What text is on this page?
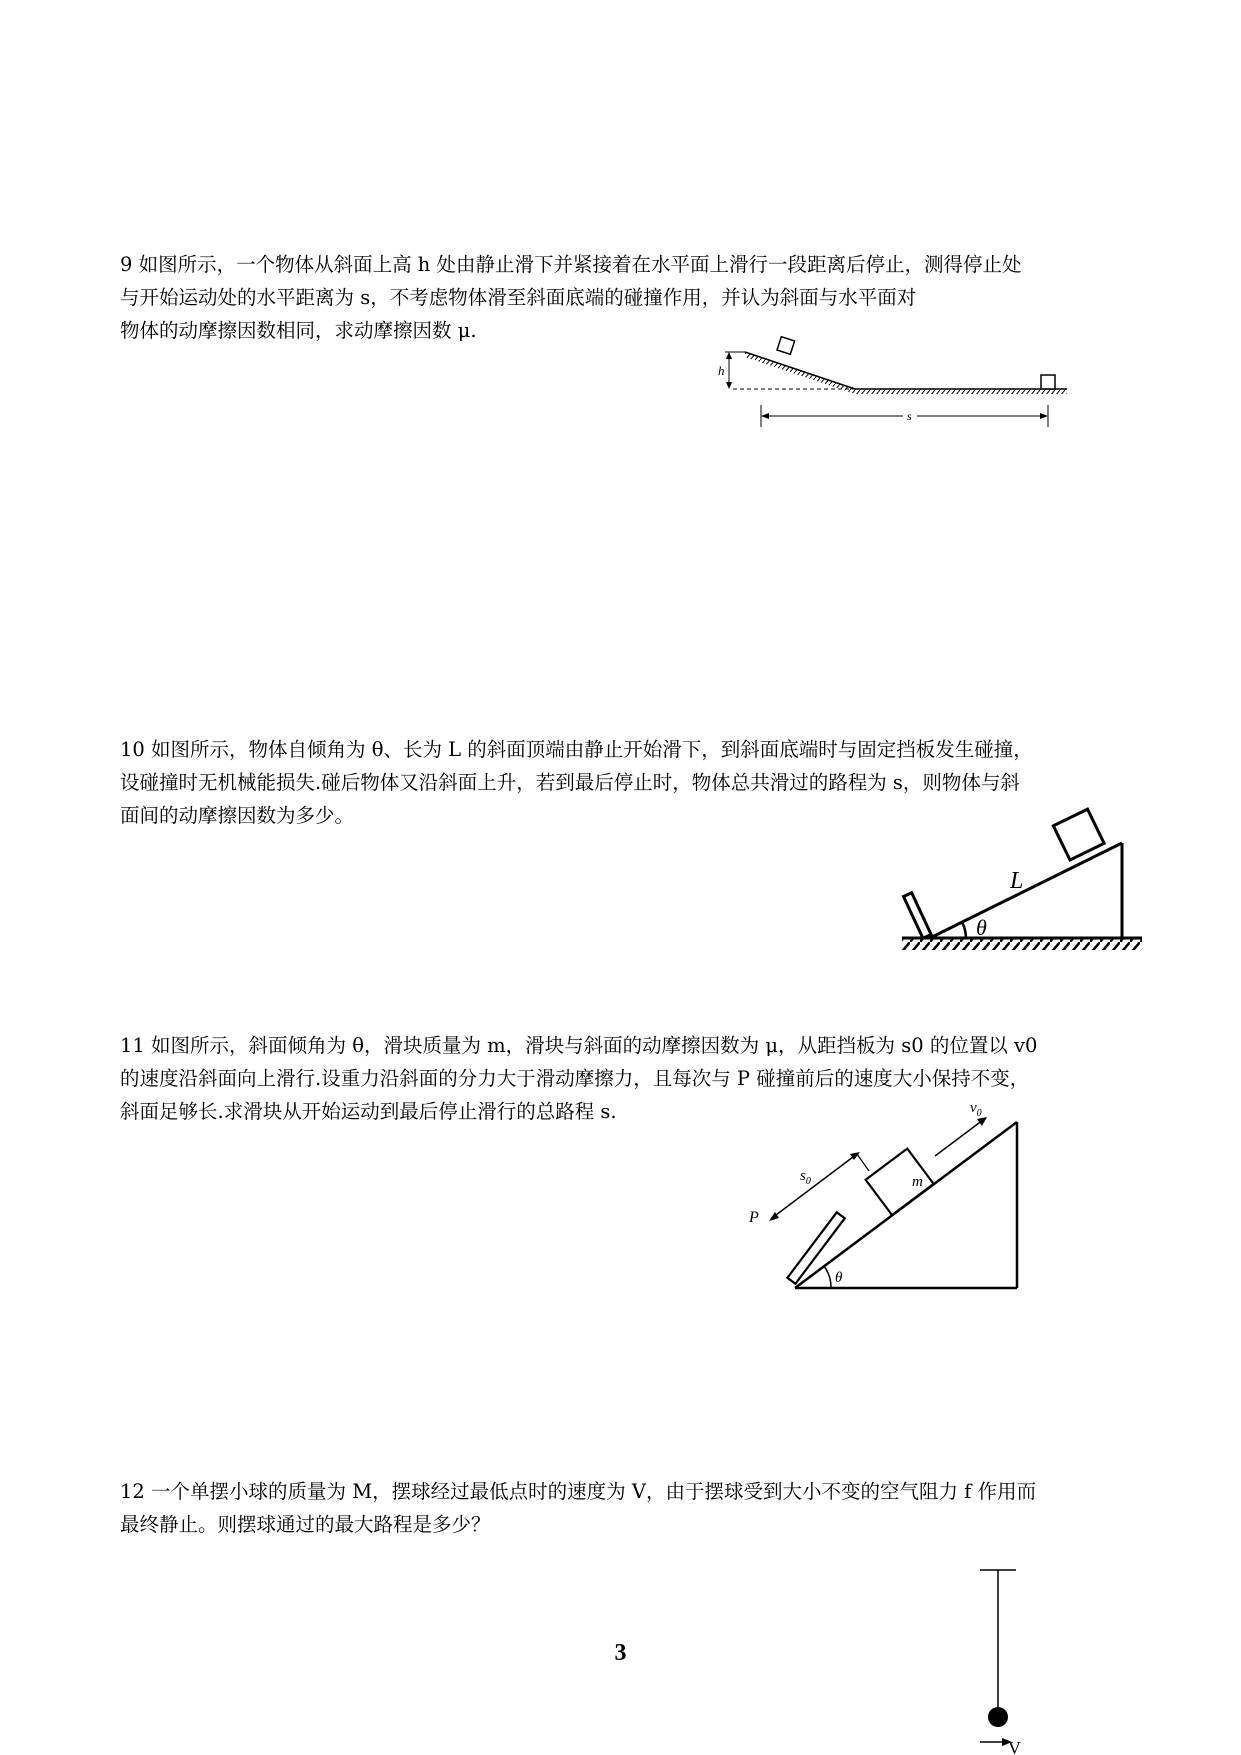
9 如图所示，一个物体从斜面上高 h 处由静止滑下并紧接着在水平面上滑行一段距离后停止，测得停止处

与开始运动处的水平距离为 s，不考虑物体滑至斜面底端的碰撞作用，并认为斜面与水平面对

物体的动摩擦因数相同，求动摩擦因数 μ.

h
s

10 如图所示，物体自倾角为 θ、长为 L 的斜面顶端由静止开始滑下，到斜面底端时与固定挡板发生碰撞，

设碰撞时无机械能损失.碰后物体又沿斜面上升，若到最后停止时，物体总共滑过的路程为 s，则物体与斜

面间的动摩擦因数为多少。

θ
L

11 如图所示，斜面倾角为 θ，滑块质量为 m，滑块与斜面的动摩擦因数为 μ，从距挡板为 s0 的位置以 v0

的速度沿斜面向上滑行.设重力沿斜面的分力大于滑动摩擦力，且每次与 P 碰撞前后的速度大小保持不变，

斜面足够长.求滑块从开始运动到最后停止滑行的总路程 s.

m
$v_0$
$s_0$
P
θ

12 一个单摆小球的质量为 M，摆球经过最低点时的速度为 V，由于摆球受到大小不变的空气阻力 f 作用而

最终静止。则摆球通过的最大路程是多少？

V
3
